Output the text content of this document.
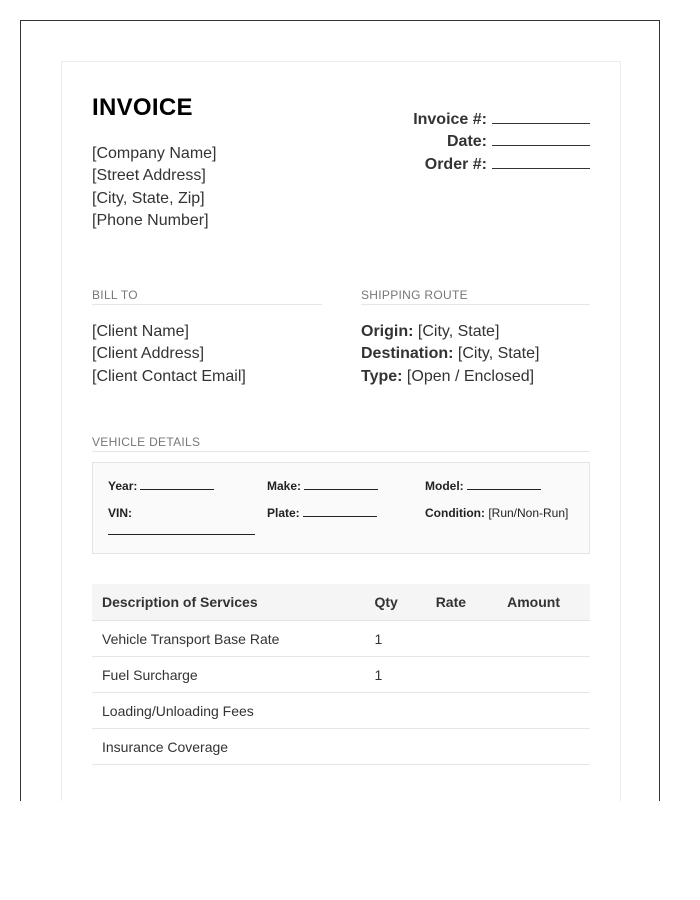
INVOICE
[Company Name]
[Street Address]
[City, State, Zip]
[Phone Number]
Invoice #:
Date:
Order #:
BILL TO	SHIPPING ROUTE
[Client Name]
[Client Address]
[Client Contact Email]
Origin: [City, State]
Destination: [City, State]
Type: [Open / Enclosed]
VEHICLE DETAILS
Year:	Make:	Model:
VIN:	Plate:	Condition: [Run/Non-Run]
Description of Services	Qty	Rate	Amount
Vehicle Transport Base Rate	1		
Fuel Surcharge	1		
Loading/Unloading Fees			
Insurance Coverage			
